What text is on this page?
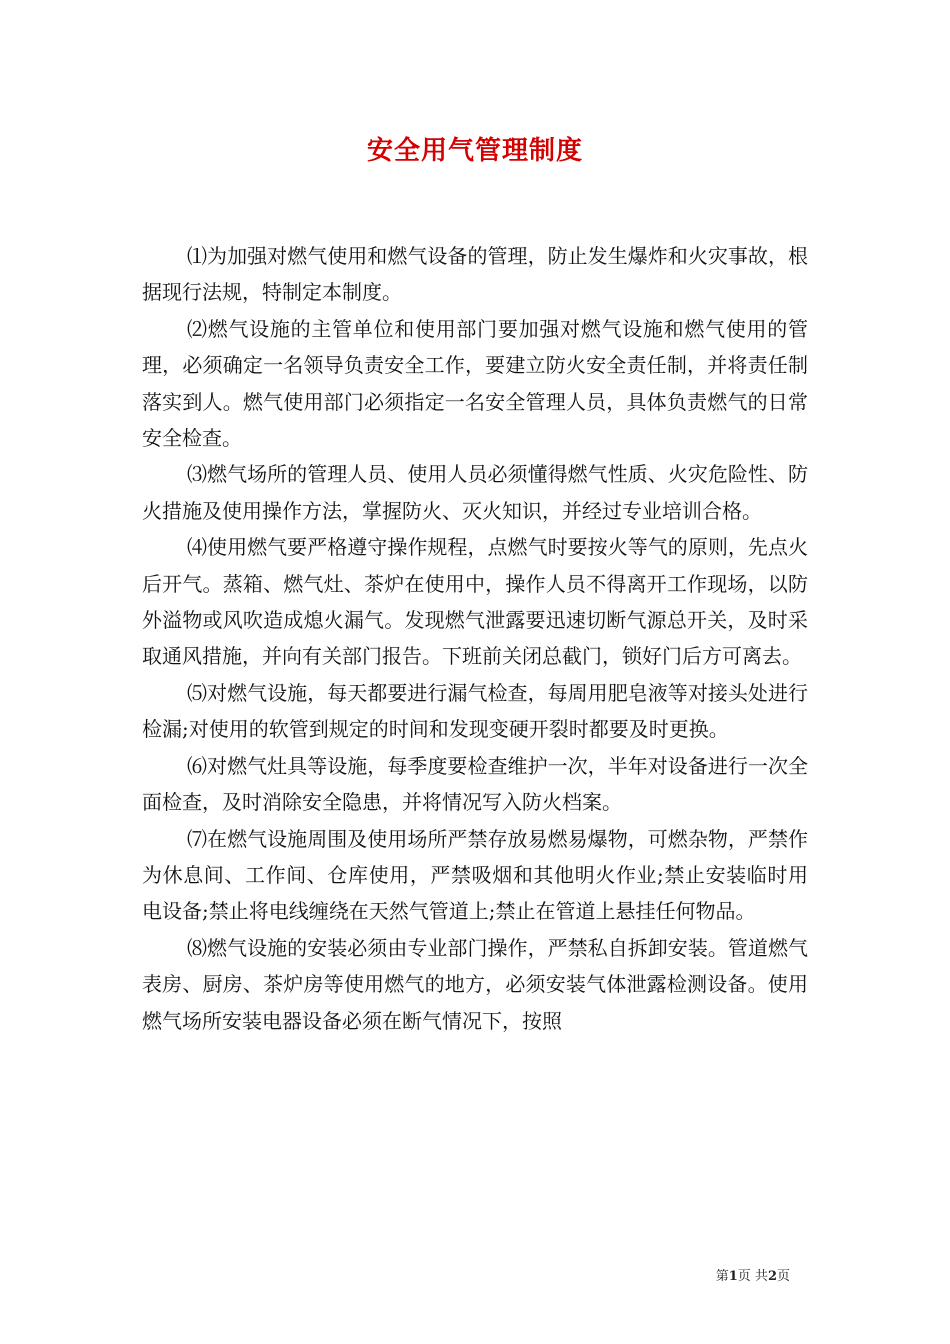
安全用气管理制度

⑴为加强对燃气使用和燃气设备的管理，防止发生爆炸和火灾事故，根据现行法规，特制定本制度。

⑵燃气设施的主管单位和使用部门要加强对燃气设施和燃气使用的管理，必须确定一名领导负责安全工作，要建立防火安全责任制，并将责任制落实到人。燃气使用部门必须指定一名安全管理人员，具体负责燃气的日常安全检查。

⑶燃气场所的管理人员、使用人员必须懂得燃气性质、火灾危险性、防火措施及使用操作方法，掌握防火、灭火知识，并经过专业培训合格。

⑷使用燃气要严格遵守操作规程，点燃气时要按火等气的原则，先点火后开气。蒸箱、燃气灶、茶炉在使用中，操作人员不得离开工作现场，以防外溢物或风吹造成熄火漏气。发现燃气泄露要迅速切断气源总开关，及时采取通风措施，并向有关部门报告。下班前关闭总截门，锁好门后方可离去。

⑸对燃气设施，每天都要进行漏气检查，每周用肥皂液等对接头处进行检漏;对使用的软管到规定的时间和发现变硬开裂时都要及时更换。

⑹对燃气灶具等设施，每季度要检查维护一次，半年对设备进行一次全面检查，及时消除安全隐患，并将情况写入防火档案。

⑺在燃气设施周围及使用场所严禁存放易燃易爆物，可燃杂物，严禁作为休息间、工作间、仓库使用，严禁吸烟和其他明火作业;禁止安装临时用电设备;禁止将电线缠绕在天然气管道上;禁止在管道上悬挂任何物品。

⑻燃气设施的安装必须由专业部门操作，严禁私自拆卸安装。管道燃气表房、厨房、茶炉房等使用燃气的地方，必须安装气体泄露检测设备。使用燃气场所安装电器设备必须在断气情况下，按照

第1页 共2页
